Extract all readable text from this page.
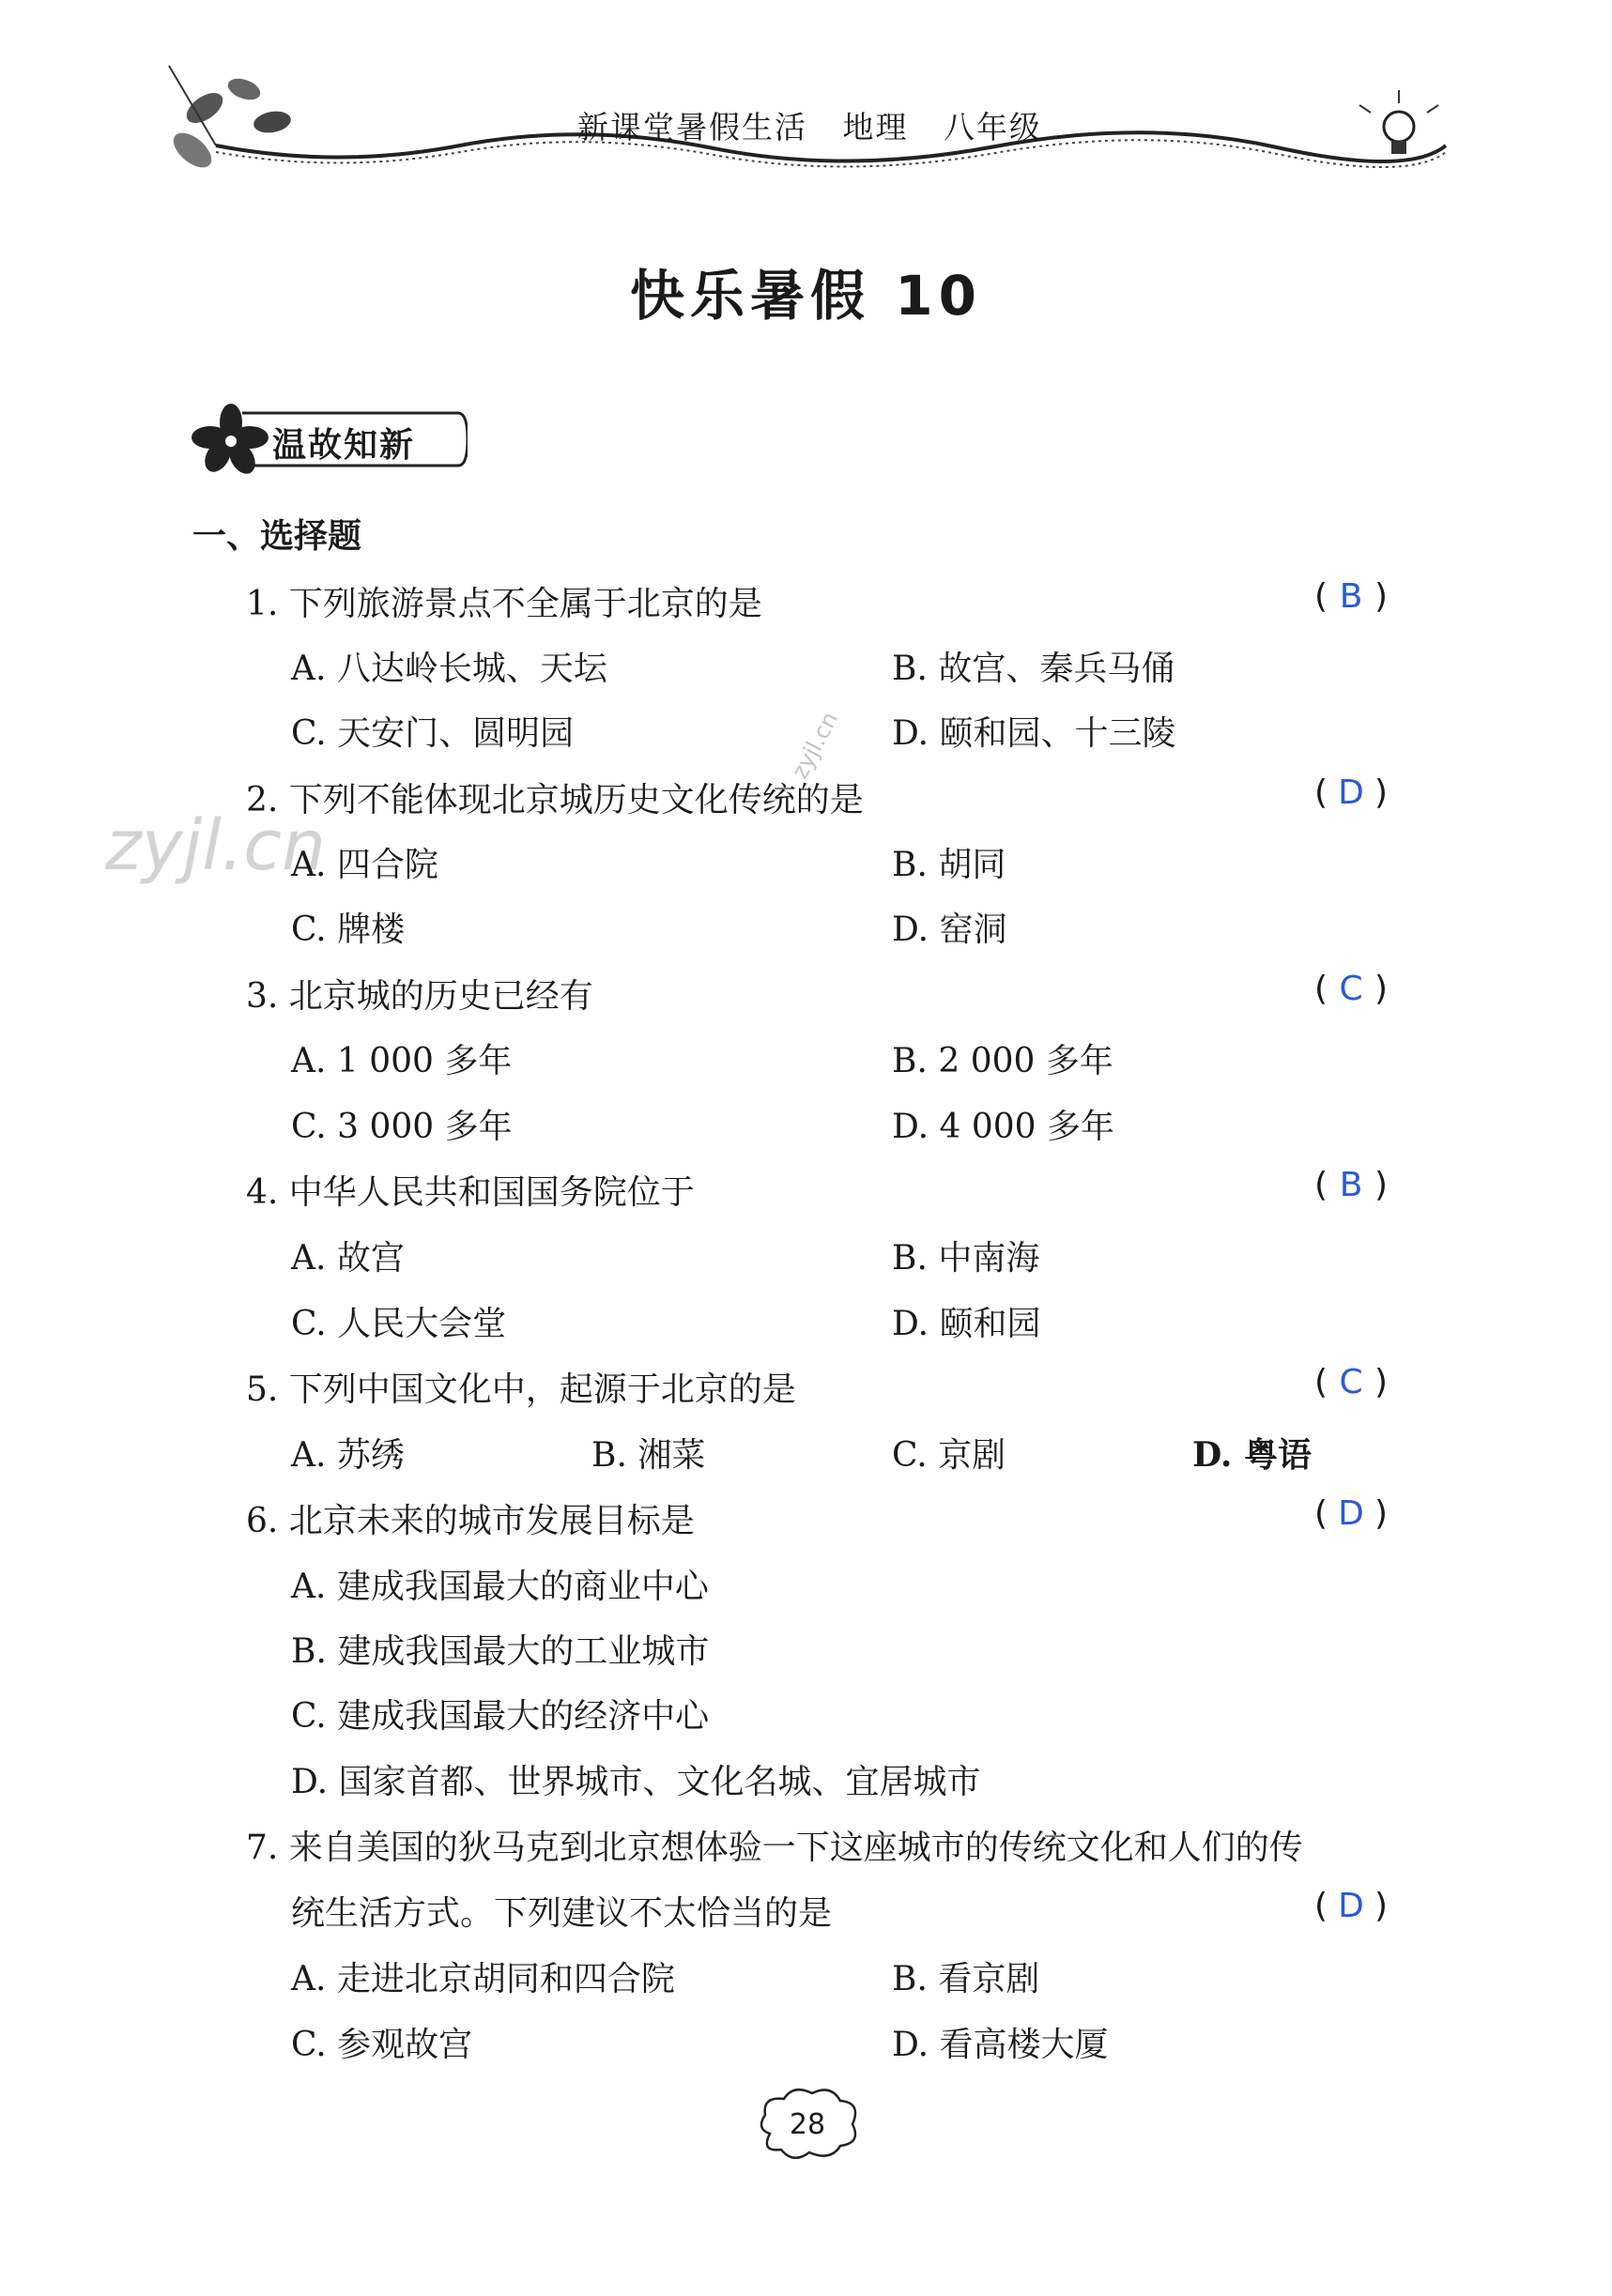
新课堂暑假生活   地理   八年级
快乐暑假 10
温故知新
一、选择题
zyjl.cn
zyjl.cn
1. 下列旅游景点不全属于北京的是	( B )
A. 八达岭长城、天坛	B. 故宫、秦兵马俑
C. 天安门、圆明园	D. 颐和园、十三陵
2. 下列不能体现北京城历史文化传统的是	( D )
A. 四合院	B. 胡同
C. 牌楼	D. 窑洞
3. 北京城的历史已经有	( C )
A. 1 000 多年	B. 2 000 多年
C. 3 000 多年	D. 4 000 多年
4. 中华人民共和国国务院位于	( B )
A. 故宫	B. 中南海
C. 人民大会堂	D. 颐和园
5. 下列中国文化中，起源于北京的是	( C )
A. 苏绣	B. 湘菜	C. 京剧	D. 粤语
6. 北京未来的城市发展目标是	( D )
A. 建成我国最大的商业中心
B. 建成我国最大的工业城市
C. 建成我国最大的经济中心
D. 国家首都、世界城市、文化名城、宜居城市
7. 来自美国的狄马克到北京想体验一下这座城市的传统文化和人们的传
统生活方式。下列建议不太恰当的是	( D )
A. 走进北京胡同和四合院	B. 看京剧
C. 参观故宫	D. 看高楼大厦
28
